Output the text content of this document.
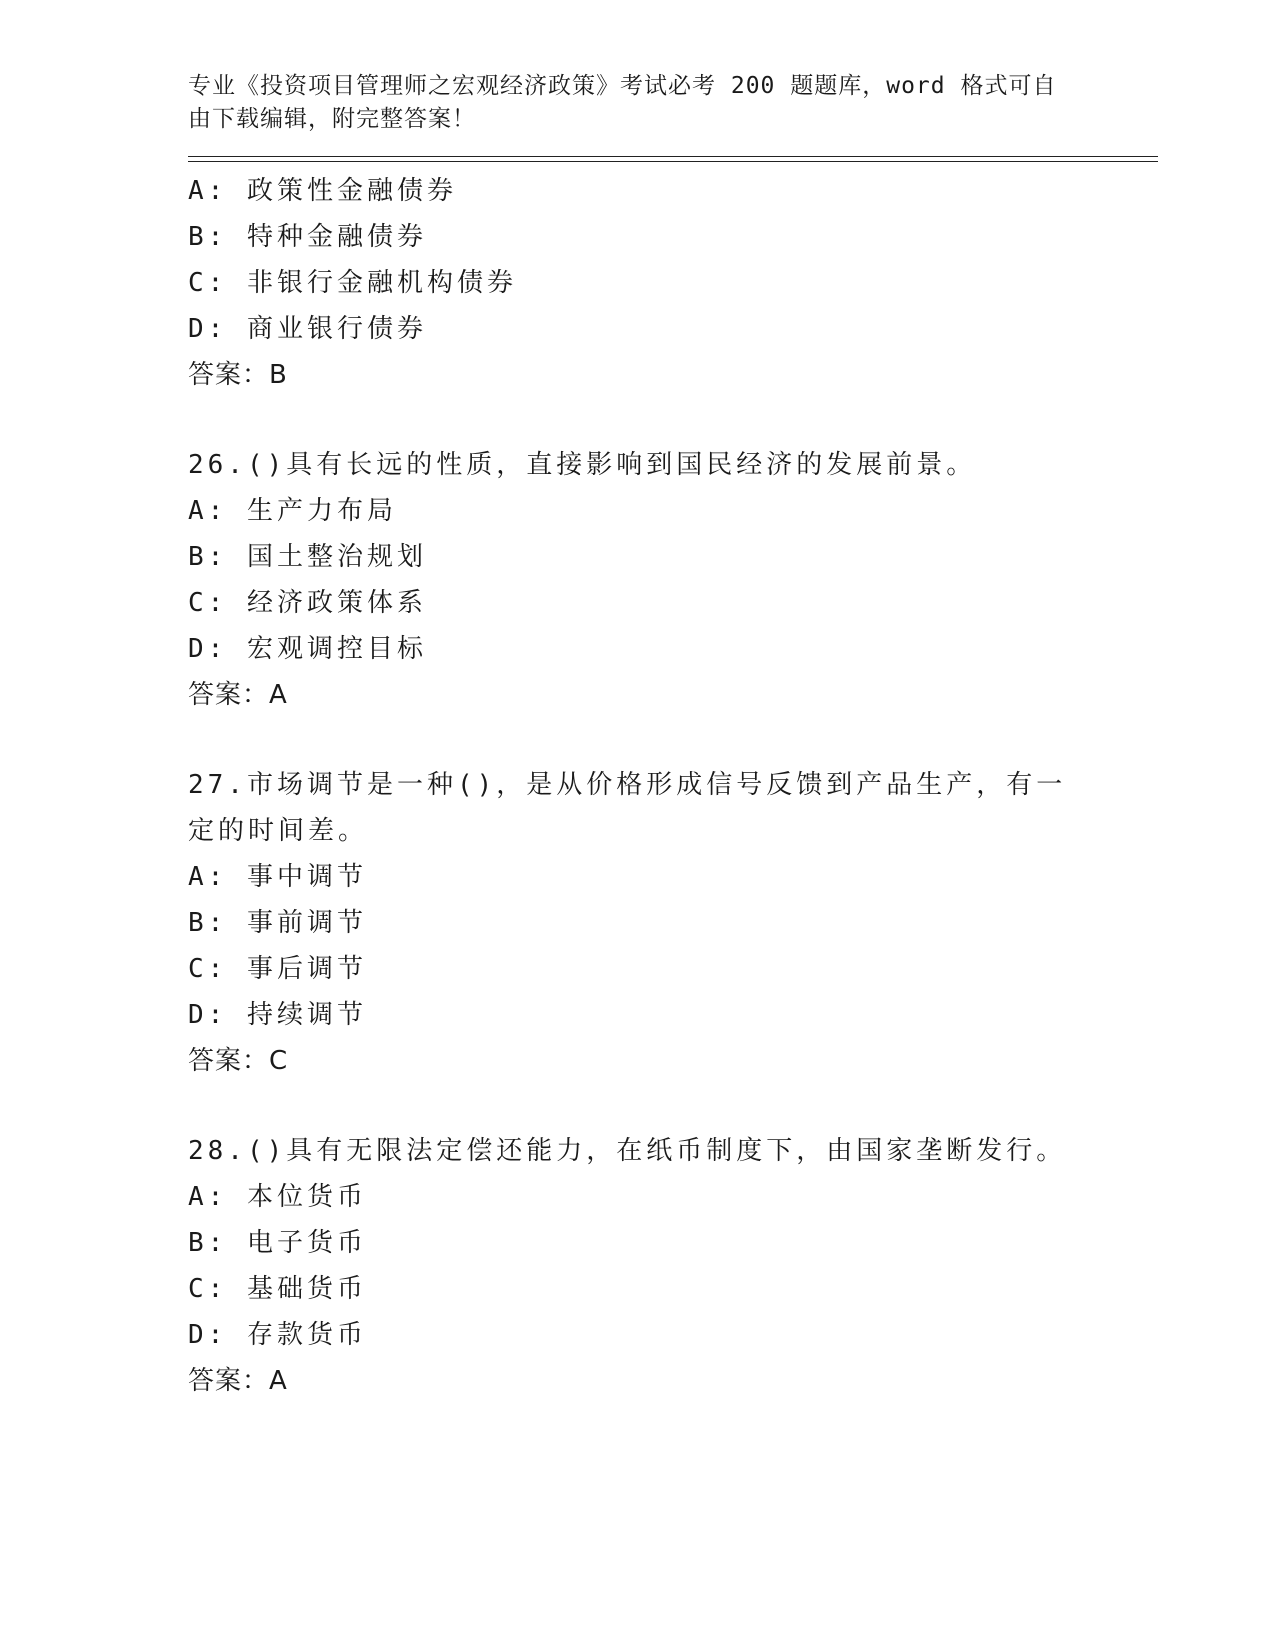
专业《投资项目管理师之宏观经济政策》考试必考 200 题题库，word 格式可自由下载编辑，附完整答案！
A: 政策性金融债券
B: 特种金融债券
C: 非银行金融机构债券
D: 商业银行债券
答案：B
26.()具有长远的性质，直接影响到国民经济的发展前景。
A: 生产力布局
B: 国土整治规划
C: 经济政策体系
D: 宏观调控目标
答案：A
27.市场调节是一种()，是从价格形成信号反馈到产品生产，有一定的时间差。
A: 事中调节
B: 事前调节
C: 事后调节
D: 持续调节
答案：C
28.()具有无限法定偿还能力，在纸币制度下，由国家垄断发行。
A: 本位货币
B: 电子货币
C: 基础货币
D: 存款货币
答案：A
